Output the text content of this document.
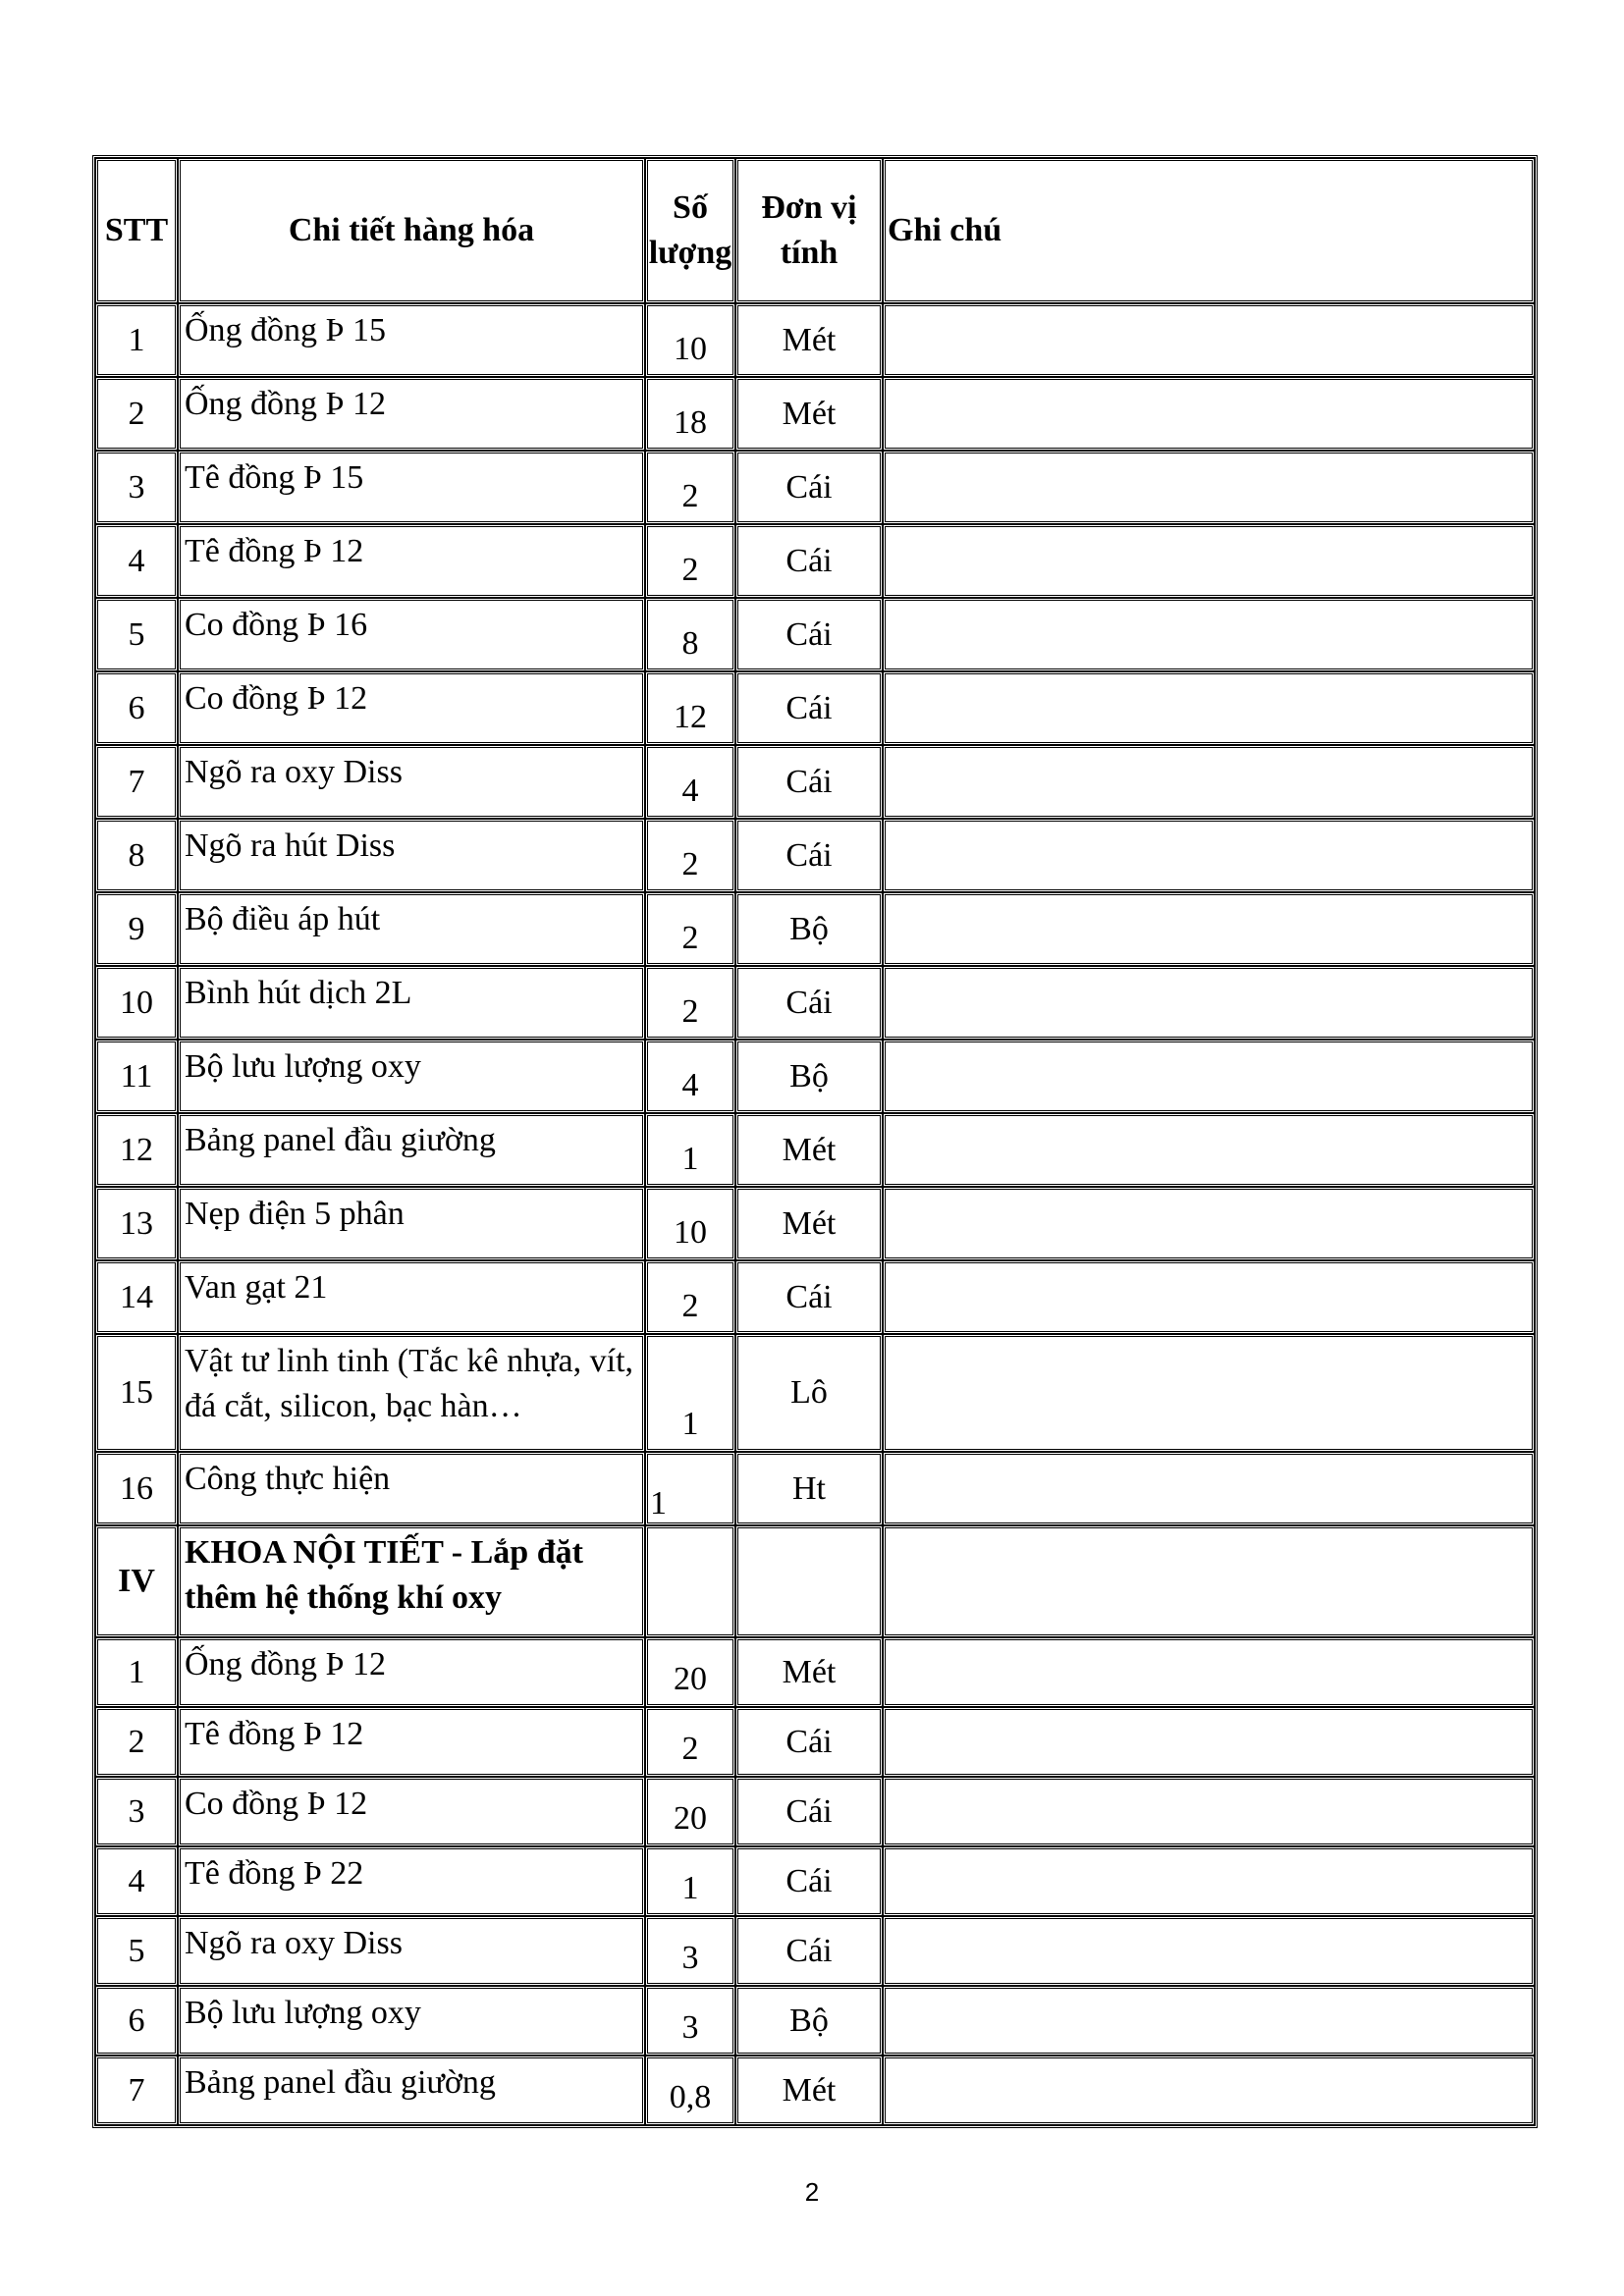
STT	Chi tiết hàng hóa	Số lượng	Đơn vị tính	Ghi chú
1	Ống đồng Þ 15	10	Mét	
2	Ống đồng Þ 12	18	Mét	
3	Tê đồng Þ 15	2	Cái	
4	Tê đồng Þ 12	2	Cái	
5	Co đồng Þ 16	8	Cái	
6	Co đồng Þ 12	12	Cái	
7	Ngõ ra oxy Diss	4	Cái	
8	Ngõ ra hút Diss	2	Cái	
9	Bộ điều áp hút	2	Bộ	
10	Bình hút dịch 2L	2	Cái	
11	Bộ lưu lượng oxy	4	Bộ	
12	Bảng panel đầu giường	1	Mét	
13	Nẹp điện 5 phân	10	Mét	
14	Van gạt 21	2	Cái	
15	Vật tư linh tinh (Tắc kê nhựa, vít, đá cắt, silicon, bạc hàn…	1	Lô	
16	Công thực hiện	1	Ht	
IV	KHOA NỘI TIẾT - Lắp đặt thêm hệ thống khí oxy			
1	Ống đồng Þ 12	20	Mét	
2	Tê đồng Þ 12	2	Cái	
3	Co đồng Þ 12	20	Cái	
4	Tê đồng Þ 22	1	Cái	
5	Ngõ ra oxy Diss	3	Cái	
6	Bộ lưu lượng oxy	3	Bộ	
7	Bảng panel đầu giường	0,8	Mét	
2
